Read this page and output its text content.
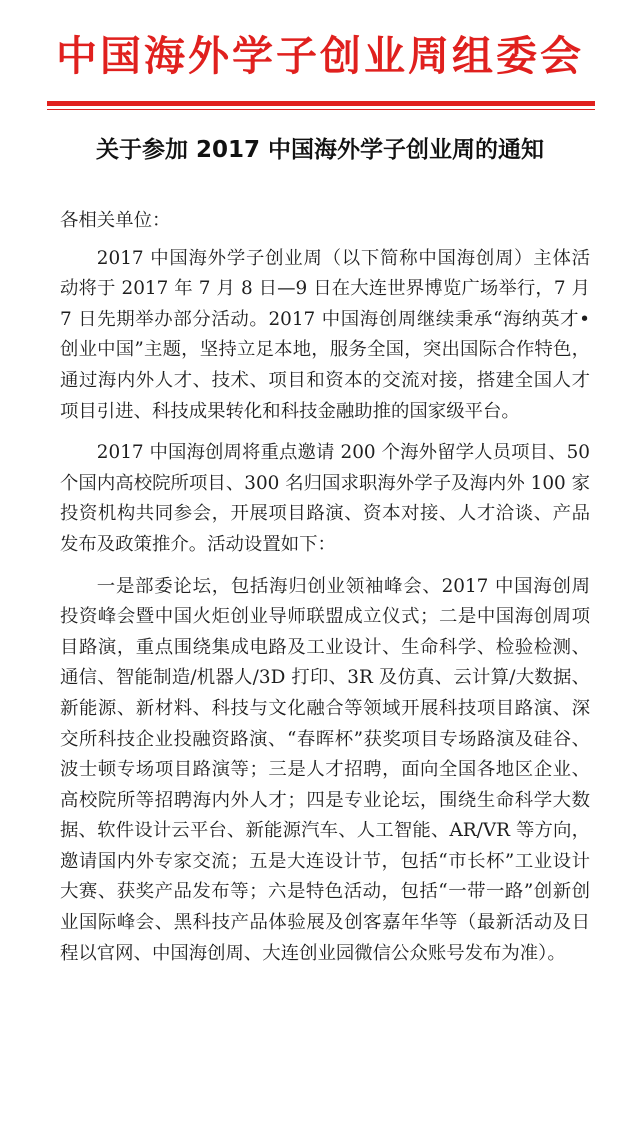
中国海外学子创业周组委会
关于参加 2017 中国海外学子创业周的通知

各相关单位：

2017 中国海外学子创业周（以下简称中国海创周）主体活动将于 2017 年 7 月 8 日—9 日在大连世界博览广场举行，7 月 7 日先期举办部分活动。2017 中国海创周继续秉承“海纳英才•创业中国”主题，坚持立足本地，服务全国，突出国际合作特色，通过海内外人才、技术、项目和资本的交流对接，搭建全国人才项目引进、科技成果转化和科技金融助推的国家级平台。

2017 中国海创周将重点邀请 200 个海外留学人员项目、50 个国内高校院所项目、300 名归国求职海外学子及海内外 100 家投资机构共同参会，开展项目路演、资本对接、人才洽谈、产品发布及政策推介。活动设置如下：

一是部委论坛，包括海归创业领袖峰会、2017 中国海创周投资峰会暨中国火炬创业导师联盟成立仪式；二是中国海创周项目路演，重点围绕集成电路及工业设计、生命科学、检验检测、通信、智能制造/机器人/3D 打印、3R 及仿真、云计算/大数据、新能源、新材料、科技与文化融合等领域开展科技项目路演、深交所科技企业投融资路演、“春晖杯”获奖项目专场路演及硅谷、波士顿专场项目路演等；三是人才招聘，面向全国各地区企业、高校院所等招聘海内外人才；四是专业论坛，围绕生命科学大数据、软件设计云平台、新能源汽车、人工智能、AR/VR 等方向，邀请国内外专家交流；五是大连设计节，包括“市长杯”工业设计大赛、获奖产品发布等；六是特色活动，包括“一带一路”创新创业国际峰会、黑科技产品体验展及创客嘉年华等（最新活动及日程以官网、中国海创周、大连创业园微信公众账号发布为准）。
